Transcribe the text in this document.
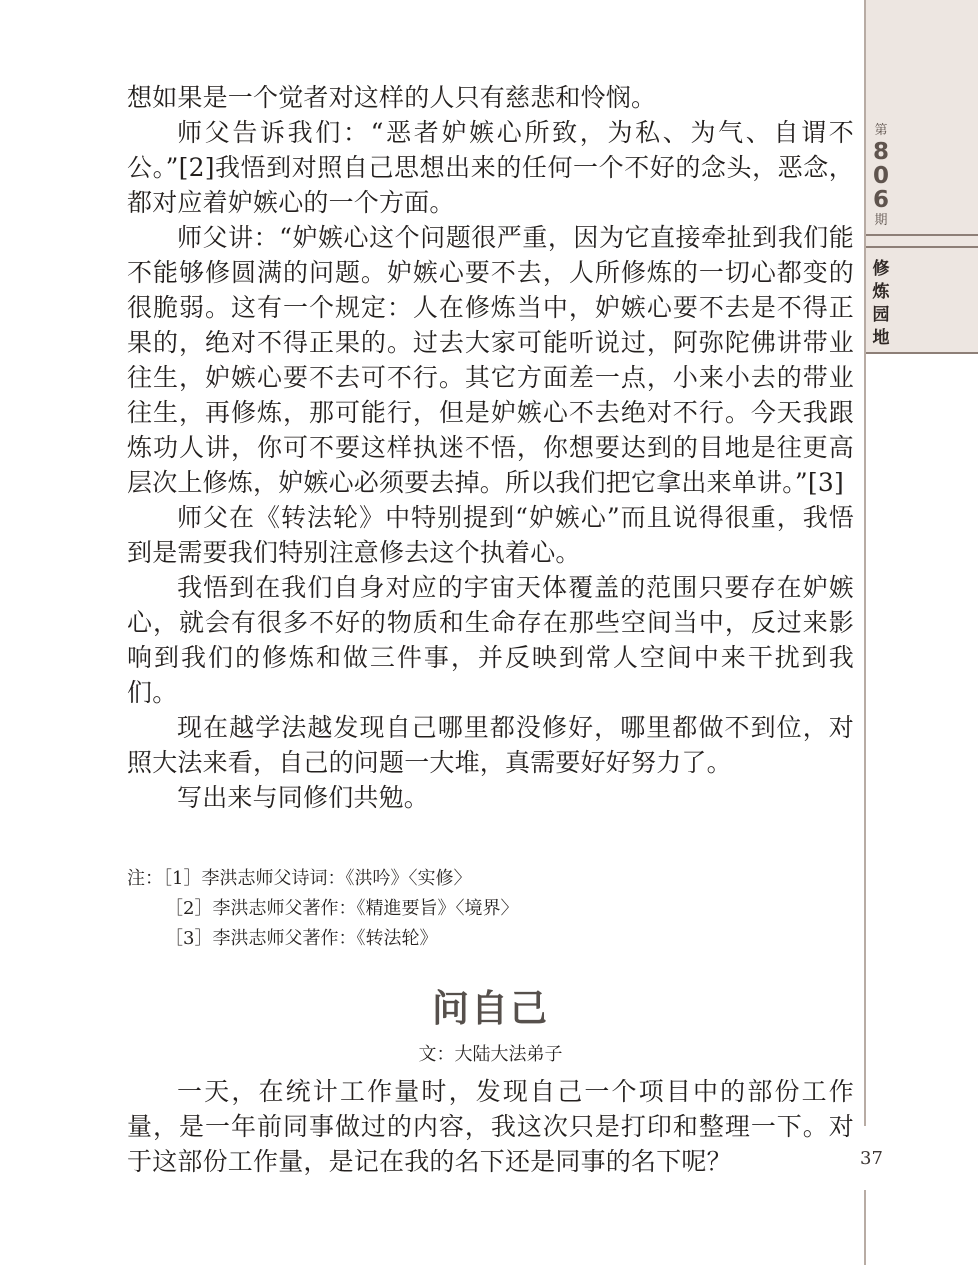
第
8
0
6
期
修
炼
园
地
37

想如果是一个觉者对这样的人只有慈悲和怜悯。

师父告诉我们：“恶者妒嫉心所致，为私、为气、自谓不公。”[2]我悟到对照自己思想出来的任何一个不好的念头，恶念，都对应着妒嫉心的一个方面。

师父讲：“妒嫉心这个问题很严重，因为它直接牵扯到我们能不能够修圆满的问题。妒嫉心要不去，人所修炼的一切心都变的很脆弱。这有一个规定：人在修炼当中，妒嫉心要不去是不得正果的，绝对不得正果的。过去大家可能听说过，阿弥陀佛讲带业往生，妒嫉心要不去可不行。其它方面差一点，小来小去的带业往生，再修炼，那可能行，但是妒嫉心不去绝对不行。今天我跟炼功人讲，你可不要这样执迷不悟，你想要达到的目地是往更高层次上修炼，妒嫉心必须要去掉。所以我们把它拿出来单讲。”[3]

师父在《转法轮》中特别提到“妒嫉心”而且说得很重，我悟到是需要我们特别注意修去这个执着心。

我悟到在我们自身对应的宇宙天体覆盖的范围只要存在妒嫉心，就会有很多不好的物质和生命存在那些空间当中，反过来影响到我们的修炼和做三件事，并反映到常人空间中来干扰到我们。

现在越学法越发现自己哪里都没修好，哪里都做不到位，对照大法来看，自己的问题一大堆，真需要好好努力了。

写出来与同修们共勉。

注：［1］李洪志师父诗词：《洪吟》〈实修〉
［2］李洪志师父著作：《精進要旨》〈境界〉
［3］李洪志师父著作：《转法轮》
问自己
文：大陆大法弟子

一天，在统计工作量时，发现自己一个项目中的部份工作量，是一年前同事做过的内容，我这次只是打印和整理一下。对于这部份工作量，是记在我的名下还是同事的名下呢？
